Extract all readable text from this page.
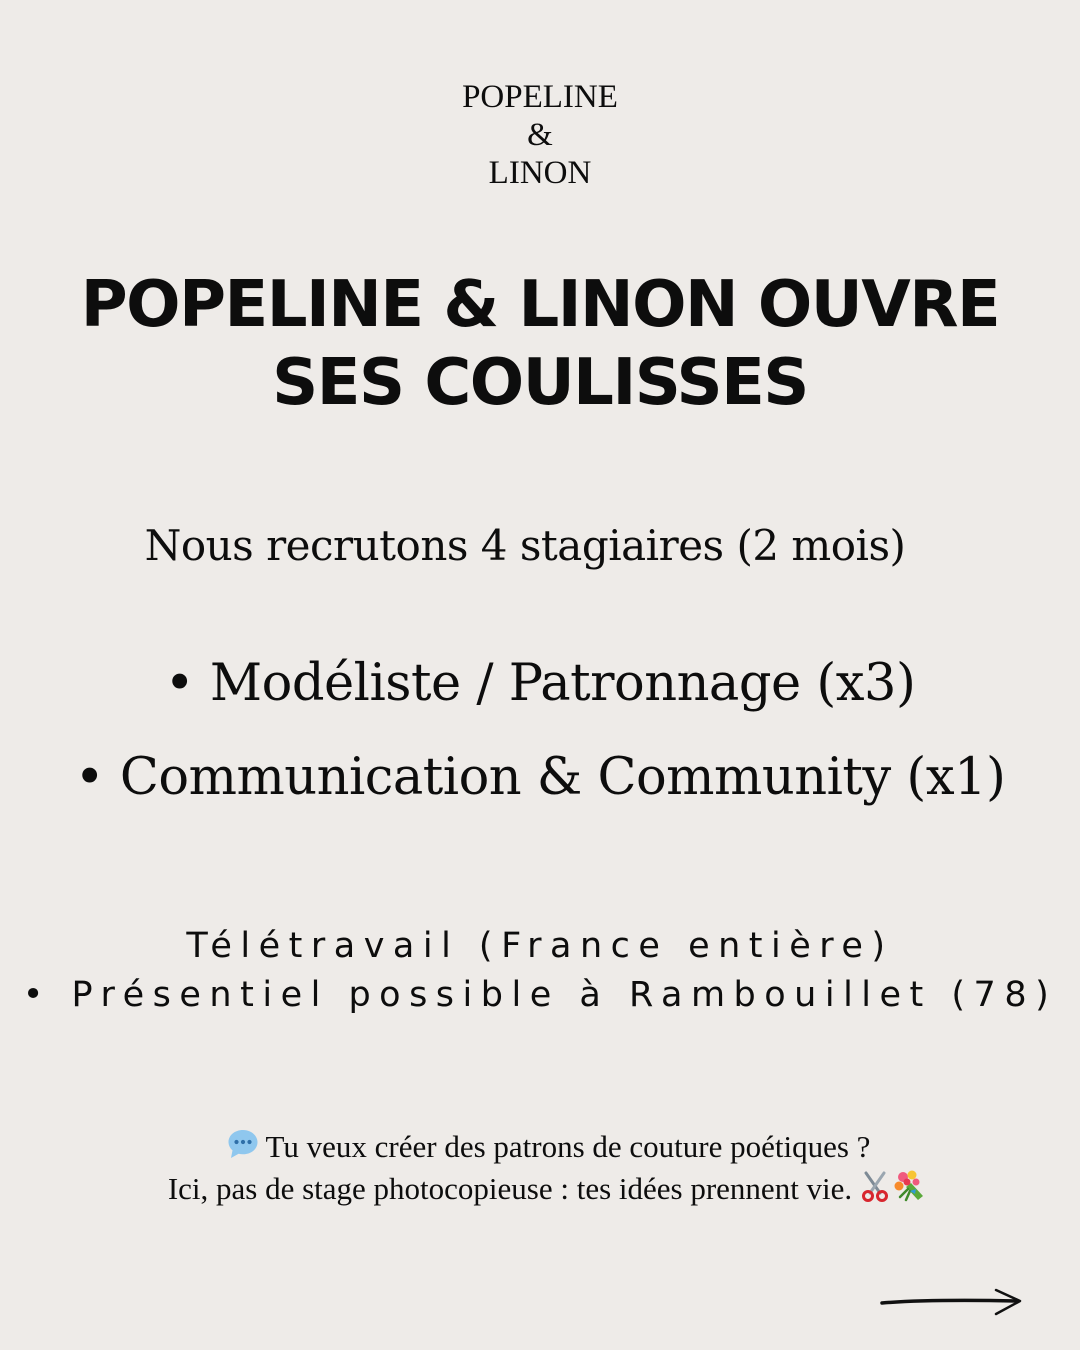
POPELINE
&
LINON
POPELINE & LINON OUVRE
SES COULISSES
Nous recrutons 4 stagiaires (2 mois)
• Modéliste / Patronnage (x3)
• Communication & Community (x1)
Télétravail (France entière)
• Présentiel possible à Rambouillet (78)
Tu veux créer des patrons de couture poétiques ?
Ici, pas de stage photocopieuse : tes idées prennent vie.
